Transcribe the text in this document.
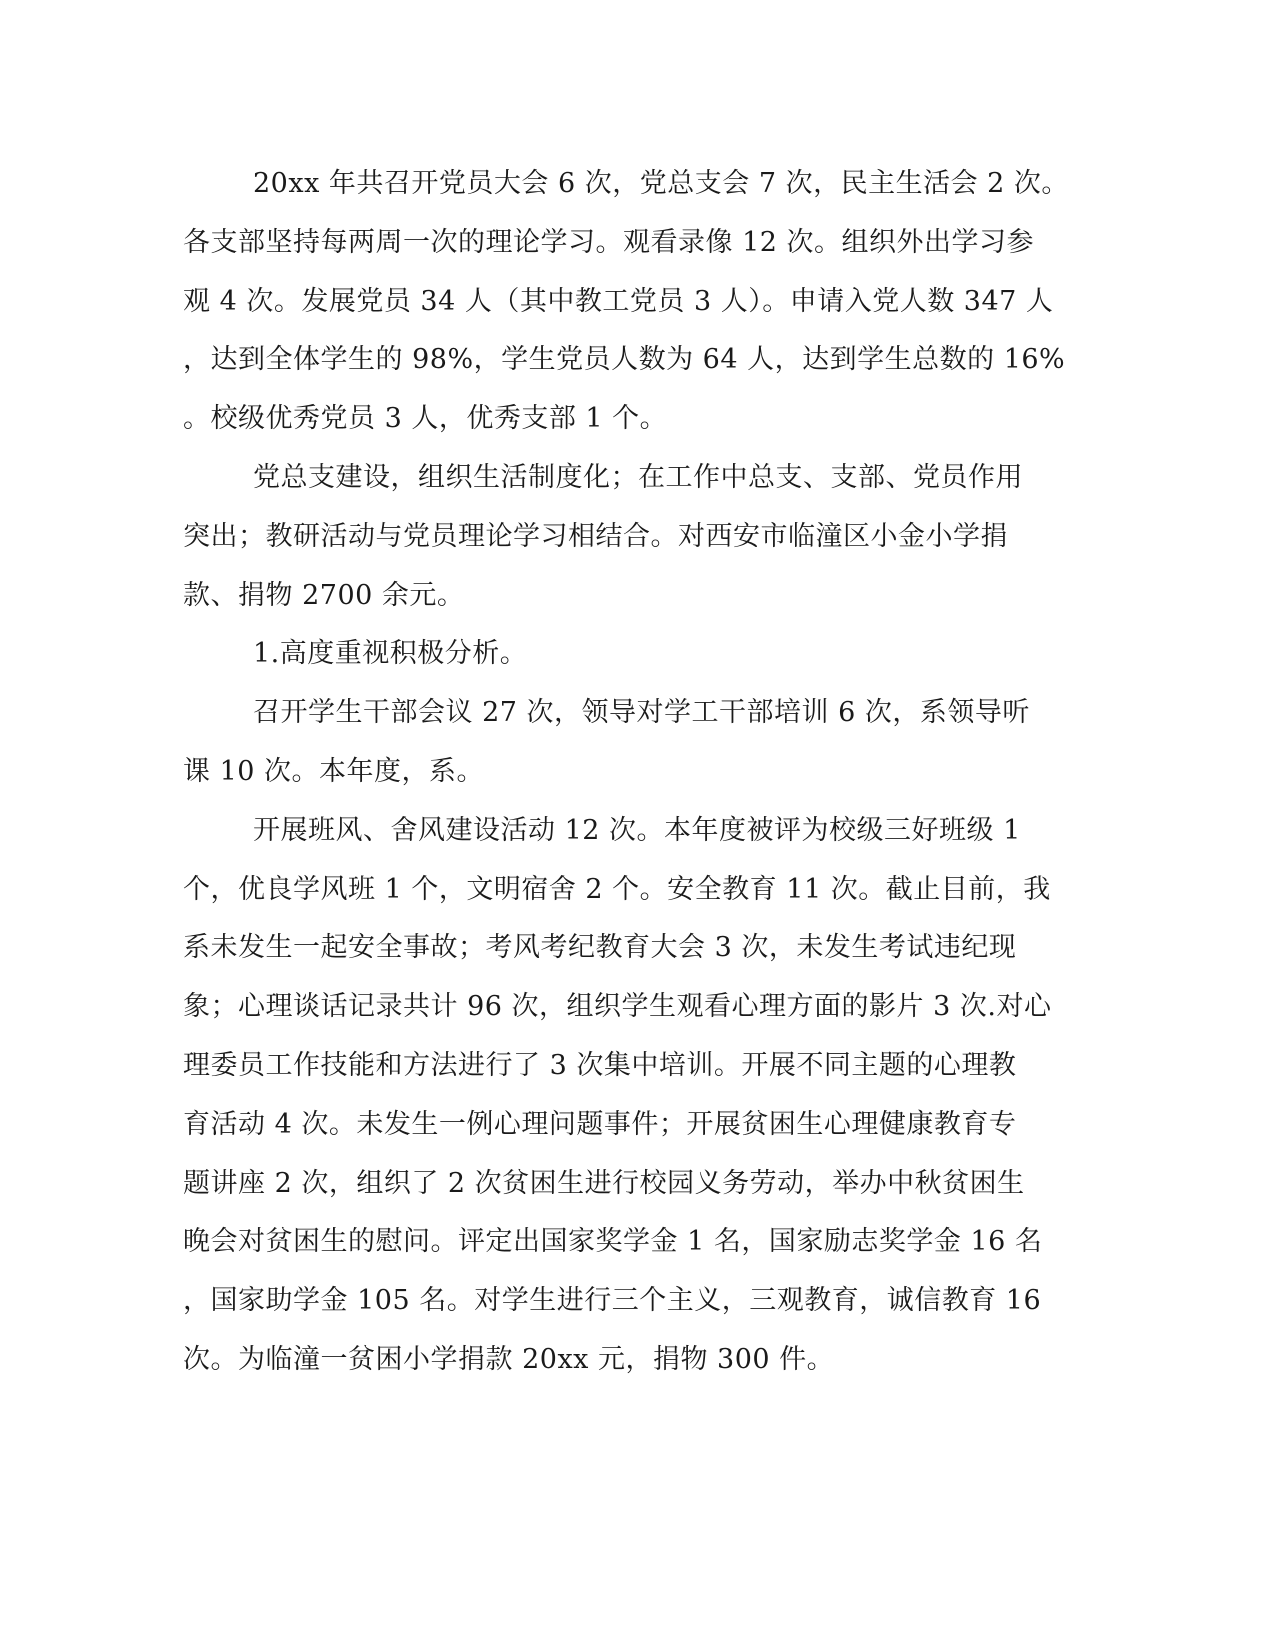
20xx 年共召开党员大会 6 次，党总支会 7 次，民主生活会 2 次。
各支部坚持每两周一次的理论学习。观看录像 12 次。组织外出学习参
观 4 次。发展党员 34 人（其中教工党员 3 人）。申请入党人数 347 人
，达到全体学生的 98%，学生党员人数为 64 人，达到学生总数的 16%
。校级优秀党员 3 人，优秀支部 1 个。
党总支建设，组织生活制度化；在工作中总支、支部、党员作用
突出；教研活动与党员理论学习相结合。对西安市临潼区小金小学捐
款、捐物 2700 余元。
1.高度重视积极分析。
召开学生干部会议 27 次，领导对学工干部培训 6 次，系领导听
课 10 次。本年度，系。
开展班风、舍风建设活动 12 次。本年度被评为校级三好班级 1
个，优良学风班 1 个，文明宿舍 2 个。安全教育 11 次。截止目前，我
系未发生一起安全事故；考风考纪教育大会 3 次，未发生考试违纪现
象；心理谈话记录共计 96 次，组织学生观看心理方面的影片 3 次.对心
理委员工作技能和方法进行了 3 次集中培训。开展不同主题的心理教
育活动 4 次。未发生一例心理问题事件；开展贫困生心理健康教育专
题讲座 2 次，组织了 2 次贫困生进行校园义务劳动，举办中秋贫困生
晚会对贫困生的慰问。评定出国家奖学金 1 名，国家励志奖学金 16 名
，国家助学金 105 名。对学生进行三个主义，三观教育，诚信教育 16
次。为临潼一贫困小学捐款 20xx 元，捐物 300 件。
